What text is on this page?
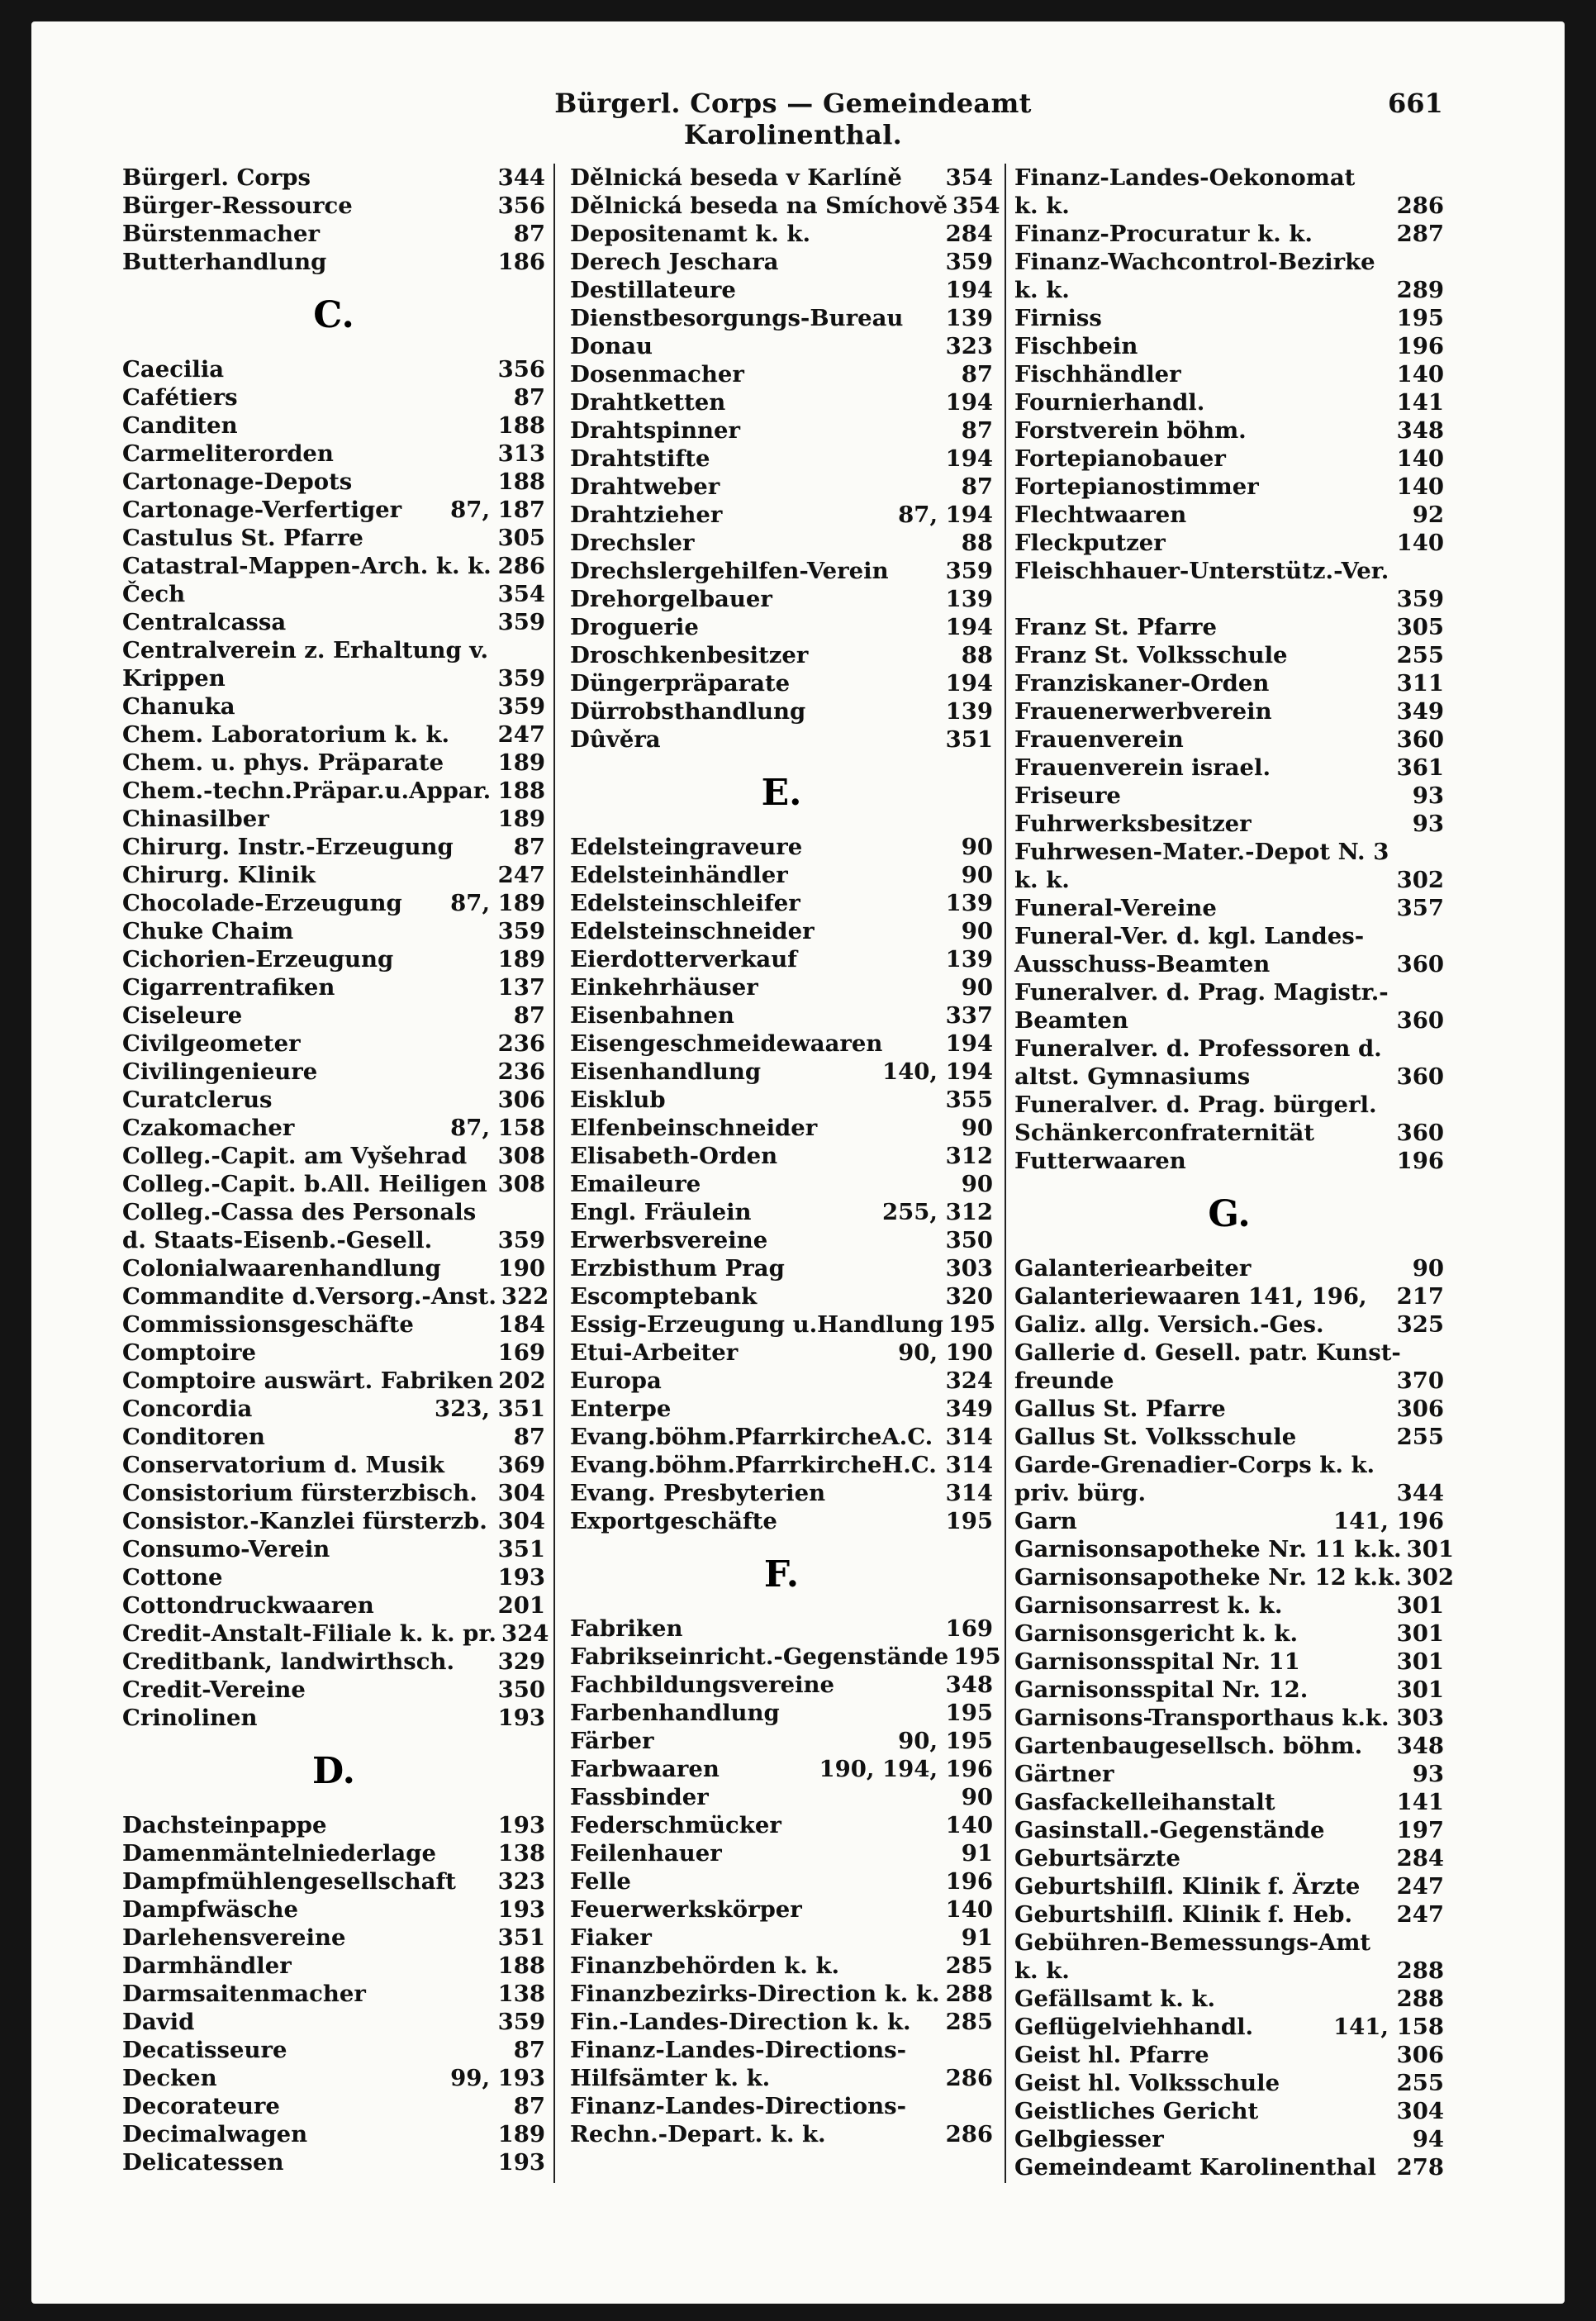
Bürgerl. Corps — Gemeindeamt Karolinenthal.
661
Bürgerl. Corps	344
Bürger-Ressource	356
Bürstenmacher	87
Butterhandlung	186
C.
Caecilia	356
Cafétiers	87
Canditen	188
Carmeliterorden	313
Cartonage-Depots	188
Cartonage-Verfertiger	87, 187
Castulus St. Pfarre	305
Catastral-Mappen-Arch. k. k. 286
Čech	354
Centralcassa	359
Centralverein z. Erhaltung v.
Krippen	359
Chanuka	359
Chem. Laboratorium k. k.	247
Chem. u. phys. Präparate	189
Chem.-techn.Präpar.u.Appar. 188
Chinasilber	189
Chirurg. Instr.-Erzeugung	87
Chirurg. Klinik	247
Chocolade-Erzeugung	87, 189
Chuke Chaim	359
Cichorien-Erzeugung	189
Cigarrentrafiken	137
Ciseleure	87
Civilgeometer	236
Civilingenieure	236
Curatclerus	306
Czakomacher	87, 158
Colleg.-Capit. am Vyšehrad	308
Colleg.-Capit. b.All. Heiligen 308
Colleg.-Cassa des Personals
d. Staats-Eisenb.-Gesell.	359
Colonialwaarenhandlung	190
Commandite d.Versorg.-Anst. 322
Commissionsgeschäfte	184
Comptoire	169
Comptoire auswärt. Fabriken 202
Concordia	323, 351
Conditoren	87
Conservatorium d. Musik	369
Consistorium fürsterzbisch. 304
Consistor.-Kanzlei fürsterzb. 304
Consumo-Verein	351
Cottone	193
Cottondruckwaaren	201
Credit-Anstalt-Filiale k. k. pr. 324
Creditbank, landwirthsch.	329
Credit-Vereine	350
Crinolinen	193
D.
Dachsteinpappe	193
Damenmäntelniederlage	138
Dampfmühlengesellschaft	323
Dampfwäsche	193
Darlehensvereine	351
Darmhändler	188
Darmsaitenmacher	138
David	359
Decatisseure	87
Decken	99, 193
Decorateure	87
Decimalwagen	189
Delicatessen	193
Dělnická beseda v Karlíně	354
Dělnická beseda na Smíchově 354
Depositenamt k. k.	284
Derech Jeschara	359
Destillateure	194
Dienstbesorgungs-Bureau	139
Donau	323
Dosenmacher	87
Drahtketten	194
Drahtspinner	87
Drahtstifte	194
Drahtweber	87
Drahtzieher	87, 194
Drechsler	88
Drechslergehilfen-Verein	359
Drehorgelbauer	139
Droguerie	194
Droschkenbesitzer	88
Düngerpräparate	194
Dürrobsthandlung	139
Dûvěra	351
E.
Edelsteingraveure	90
Edelsteinhändler	90
Edelsteinschleifer	139
Edelsteinschneider	90
Eierdotterverkauf	139
Einkehrhäuser	90
Eisenbahnen	337
Eisengeschmeidewaaren	194
Eisenhandlung	140, 194
Eisklub	355
Elfenbeinschneider	90
Elisabeth-Orden	312
Emaileure	90
Engl. Fräulein	255, 312
Erwerbsvereine	350
Erzbisthum Prag	303
Escomptebank	320
Essig-Erzeugung u.Handlung 195
Etui-Arbeiter	90, 190
Europa	324
Enterpe	349
Evang.böhm.PfarrkircheA.C. 314
Evang.böhm.PfarrkircheH.C. 314
Evang. Presbyterien	314
Exportgeschäfte	195
F.
Fabriken	169
Fabrikseinricht.-Gegenstände 195
Fachbildungsvereine	348
Farbenhandlung	195
Färber	90, 195
Farbwaaren	190, 194, 196
Fassbinder	90
Federschmücker	140
Feilenhauer	91
Felle	196
Feuerwerkskörper	140
Fiaker	91
Finanzbehörden k. k.	285
Finanzbezirks-Direction k. k. 288
Fin.-Landes-Direction k. k.	285
Finanz-Landes-Directions-
Hilfsämter k. k.	286
Finanz-Landes-Directions-
Rechn.-Depart. k. k.	286
Finanz-Landes-Oekonomat
k. k.	286
Finanz-Procuratur k. k.	287
Finanz-Wachcontrol-Bezirke
k. k.	289
Firniss	195
Fischbein	196
Fischhändler	140
Fournierhandl.	141
Forstverein böhm.	348
Fortepianobauer	140
Fortepianostimmer	140
Flechtwaaren	92
Fleckputzer	140
Fleischhauer-Unterstütz.-Ver.
359
Franz St. Pfarre	305
Franz St. Volksschule	255
Franziskaner-Orden	311
Frauenerwerbverein	349
Frauenverein	360
Frauenverein israel.	361
Friseure	93
Fuhrwerksbesitzer	93
Fuhrwesen-Mater.-Depot N. 3
k. k.	302
Funeral-Vereine	357
Funeral-Ver. d. kgl. Landes-
Ausschuss-Beamten	360
Funeralver. d. Prag. Magistr.-
Beamten	360
Funeralver. d. Professoren d.
altst. Gymnasiums	360
Funeralver. d. Prag. bürgerl.
Schänkerconfraternität	360
Futterwaaren	196
G.
Galanteriearbeiter	90
Galanteriewaaren 141, 196,	217
Galiz. allg. Versich.-Ges.	325
Gallerie d. Gesell. patr. Kunst-
freunde	370
Gallus St. Pfarre	306
Gallus St. Volksschule	255
Garde-Grenadier-Corps k. k.
priv. bürg.	344
Garn	141, 196
Garnisonsapotheke Nr. 11 k.k. 301
Garnisonsapotheke Nr. 12 k.k. 302
Garnisonsarrest k. k.	301
Garnisonsgericht k. k.	301
Garnisonsspital Nr. 11	301
Garnisonsspital Nr. 12.	301
Garnisons-Transporthaus k.k. 303
Gartenbaugesellsch. böhm.	348
Gärtner	93
Gasfackelleihanstalt	141
Gasinstall.-Gegenstände	197
Geburtsärzte	284
Geburtshilfl. Klinik f. Ärzte	247
Geburtshilfl. Klinik f. Heb.	247
Gebühren-Bemessungs-Amt
k. k.	288
Gefällsamt k. k.	288
Geflügelviehhandl.	141, 158
Geist hl. Pfarre	306
Geist hl. Volksschule	255
Geistliches Gericht	304
Gelbgiesser	94
Gemeindeamt Karolinenthal 278
